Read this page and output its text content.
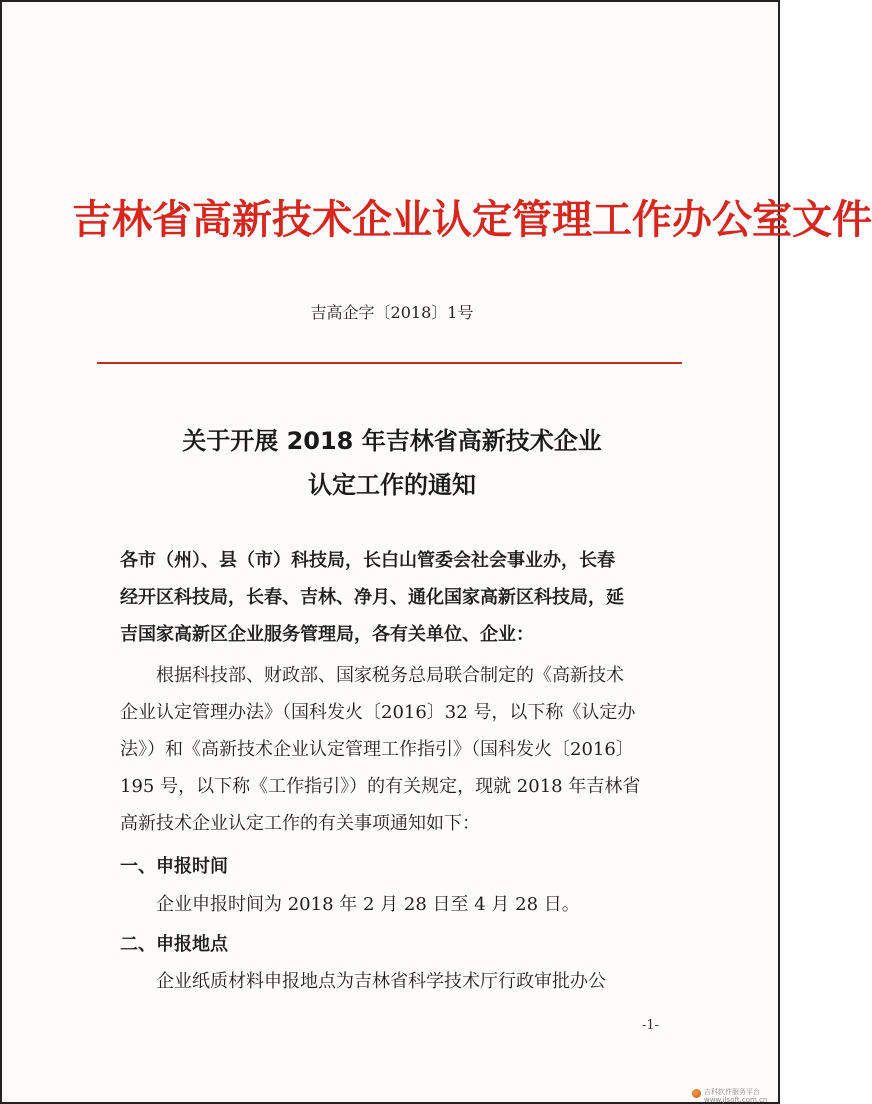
吉林省高新技术企业认定管理工作办公室文件
吉高企字〔2018〕1号
关于开展 2018 年吉林省高新技术企业
认定工作的通知
各市（州）、县（市）科技局，长白山管委会社会事业办，长春
经开区科技局，长春、吉林、净月、通化国家高新区科技局，延
吉国家高新区企业服务管理局，各有关单位、企业：
根据科技部、财政部、国家税务总局联合制定的《高新技术
企业认定管理办法》（国科发火〔2016〕32 号，以下称《认定办
法》）和《高新技术企业认定管理工作指引》（国科发火〔2016〕
195 号，以下称《工作指引》）的有关规定，现就 2018 年吉林省
高新技术企业认定工作的有关事项通知如下：
一、申报时间
企业申报时间为 2018 年 2 月 28 日至 4 月 28 日。
二、申报地点
企业纸质材料申报地点为吉林省科学技术厅行政审批办公
-1-
吉科软件服务平台
www.jlsoft.com.cn
